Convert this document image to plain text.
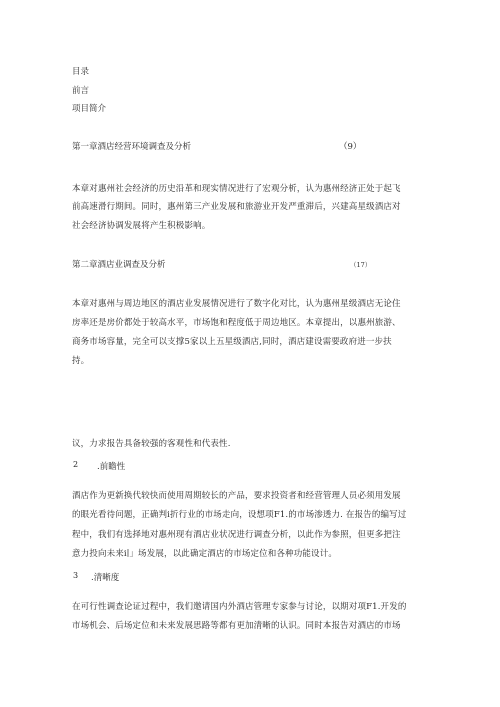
目录
前言
项目简介
第一章酒店经营环境调查及分析	（9）
本章对惠州社会经济的历史沿革和现实情况进行了宏观分析，认为惠州经济正处于起飞
前高速滑行期间。同时，惠州第三产业发展和旅游业开发严重滞后，兴建高星级酒店对
社会经济协调发展将产生积极影响。
第二章酒店业调查及分析	（17）
本章对惠州与周边地区的酒店业发展情况进行了数字化对比，认为惠州星级酒店无论住
房率还是房价都处于较高水平，市场饱和程度低于周边地区。本章提出，以惠州旅游、
商务市场容量，完全可以支撑5家以上五星级酒店,同时，酒店建设需要政府进一步扶
持。
议，力求报告具备较强的客观性和代表性.
2 .前瞻性
酒店作为更新换代较快而使用周期较长的产品，要求投资者和经营管理人员必须用发展
的眼光看待问题，正确判i折行业的市场走向，设想项F1.的市场渗透力. 在报告的编写过
程中，我们有选择地对惠州现有酒店业状况进行调查分析，以此作为参照，但更多把注
意力投向未来i∣」场发展，以此确定酒店的市场定位和各种功能设计。
3 .清晰度
在可行性调查论证过程中，我们邀请国内外酒店管理专家参与讨论，以期对项F1.开发的
市场机会、后场定位和未来发展思路等都有更加清晰的认识。同时本报告对酒店的市场
